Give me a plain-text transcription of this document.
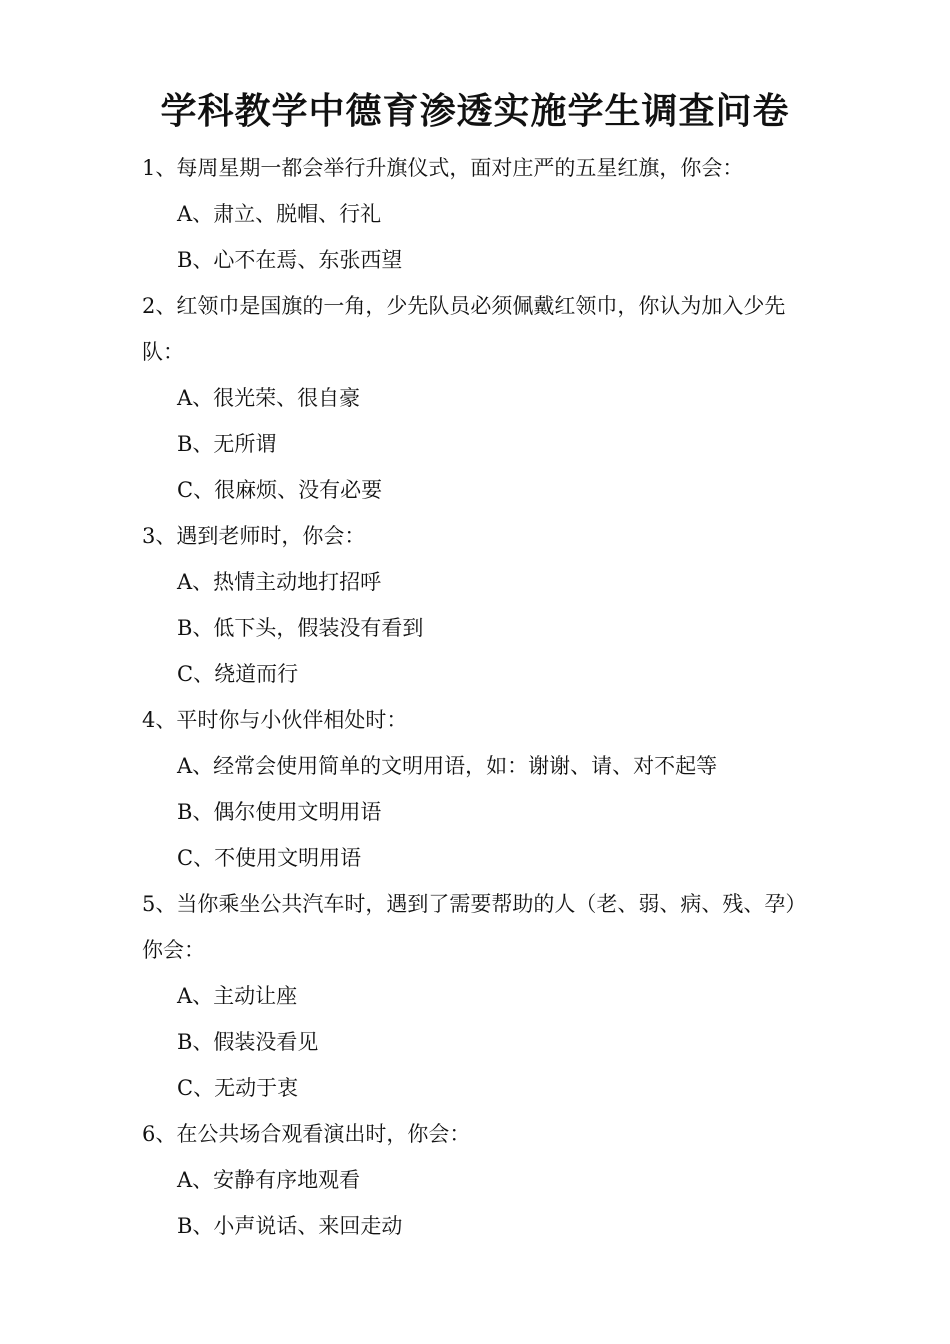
学科教学中德育渗透实施学生调查问卷

1、每周星期一都会举行升旗仪式，面对庄严的五星红旗，你会：

A、肃立、脱帽、行礼

B、心不在焉、东张西望

2、红领巾是国旗的一角，少先队员必须佩戴红领巾，你认为加入少先队：

A、很光荣、很自豪

B、无所谓

C、很麻烦、没有必要

3、遇到老师时，你会：

A、热情主动地打招呼

B、低下头，假装没有看到

C、绕道而行

4、平时你与小伙伴相处时：

A、经常会使用简单的文明用语，如：谢谢、请、对不起等

B、偶尔使用文明用语

C、不使用文明用语

5、当你乘坐公共汽车时，遇到了需要帮助的人（老、弱、病、残、孕）你会：

A、主动让座

B、假装没看见

C、无动于衷

6、在公共场合观看演出时，你会：

A、安静有序地观看

B、小声说话、来回走动
